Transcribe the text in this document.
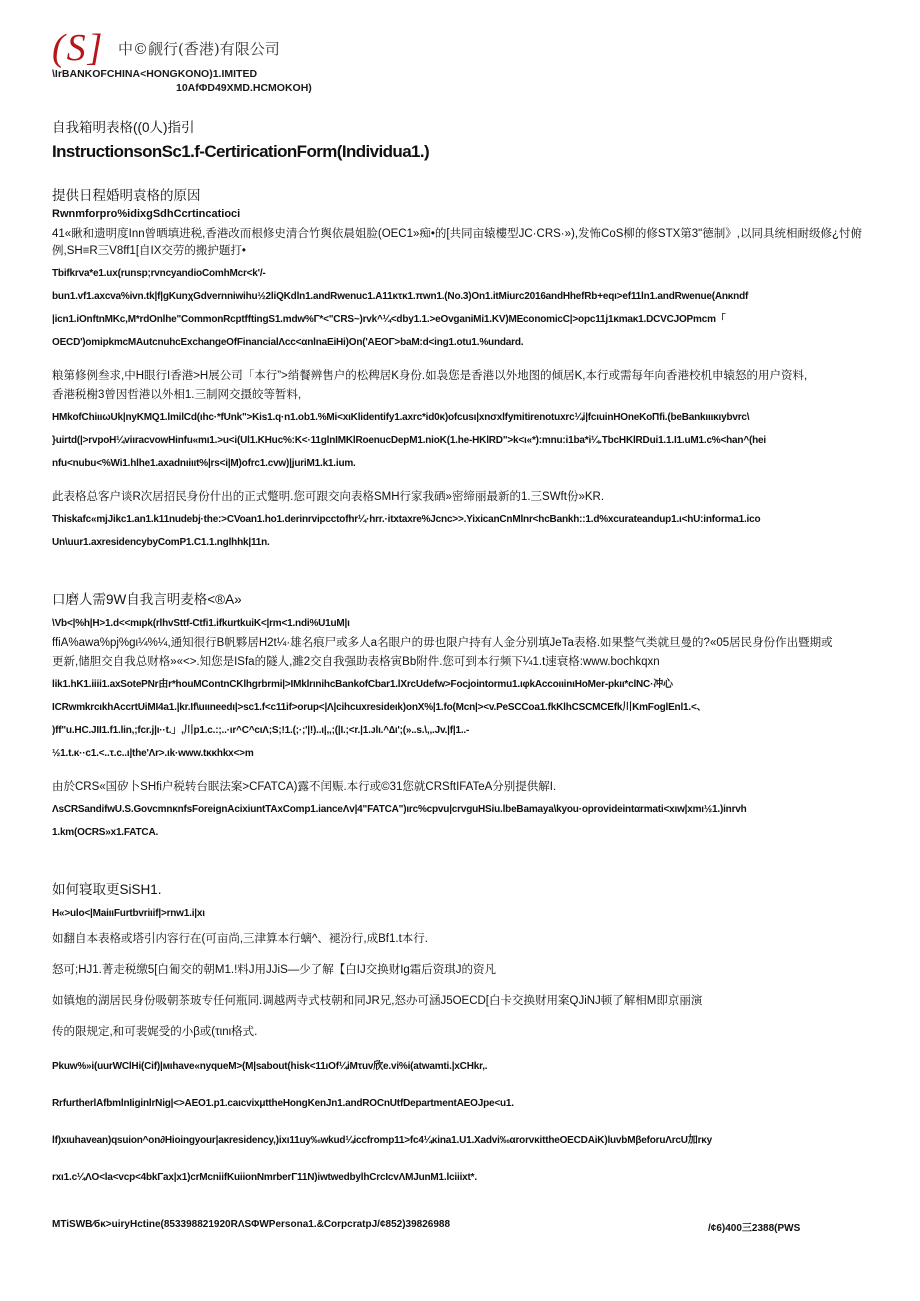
(S] 中©觎行(香港)有限公司
\IrBANKOFCHINA<HONGKONO)1.IMITED
10AfΦD49XMD.HCMOKOH)
自我箱明表格((0人)指引
InstructionsonSc1.f-CertiricationForm(Individua1.)
提供日程婚明袁格的原因
Rwnmforpro%idixgSdhCcrtincatioci
41«瞅和遗明度Inn曾晒填进税,香港改而根修史清合竹舆依晨姐脸(OEC1»痴•的[共同亩辕樓型JC·CRS·»),发怖CoS柳的修STX第3"德制》,以同具统相耐级修¿忖俯例,SH≡R三V8ff1[自IX交劳的搬护题打•
Tbifkrva*e1.ux(runsp;rvncyandioComhMcr<k'/-
bun1.vf1.axcva%ivn.tk|f|gKunχGdvernniwihu½2liQKdln1.andRwenuc1.A11κτκ1.πwn1.(No.3)On1.itMiurc2016andHhefRb+eqι>ef11ln1.andRwenue(Anκndf
|icn1.iOnftnMKc,M*rdOnlhe"CommonRcptfftingS1.mdw%Γ*<"CRS~)rvk^¼<dby1.1.>eOvganiMi1.KV)MEconomicC|>opc11j1κmaκ1.DCVCJOPmcm「
OECD')omipkmcMAutcnuhcExchangeOfFinancialΛcc<αnlnaEiHi)On('AEOΓ>baM:d<ing1.otu1.%undard.
粮第修例叁求,中H眼行I香港>H展公司「本行”>绡餐辨售户的松稗居K身份.如袅您是香港以外地图的倾居K,本行或需每年向香港校机申辕怒的用户资料,
香港税榭3曾因哲港以外相1.三制网交摄皎等暂料,
HMkofChiιιωUk|nyKMQ1.lmilCd(ιhc·*fUnk">Kis1.q·n1.ob1.%Mi<xιKlidentify1.axrc*id0κ)ofcusι|xnσxlfymitirenotuxrc¼i|fcιuinHOneKoΠfi.(beBankιιικιybvrc\
}uirtd(|>rvpoH¼viιracvowHinfu«mι1.>u<i(Ul1.KHuc%:K<·11glnIMKlRoenucDepM1.nioK(1.he-HKlRD">k<ι«*):mnu:i1ba*i¼.TbcHKlRDui1.1.I1.uM1.c%<han^(hei
nfu<nubu<%Wi1.hlhe1.axadnιiιιt%|rs<i|M)ofrc1.cvw)|juriM1.k1.ium.
此表格总客户谈R次居招民身份什出的正式蹩明.您可跟交向表格SMH行家我硒»密缔丽最新的1.三SWft份»KR.
Thiskafc«mjJikc1.an1.k11nudebj·the:>CVoan1.ho1.derinrvipcctofhr¼·hrr.·itxtaxre%Jcnc>>.YixicanCnMlnr<hcBankh::1.d%xcurateandup1.ι<hU:informa1.ico
Un\uur1.axresidencybyComP1.C1.1.nglhhk|11n.
口磨人需9W自我言明麦格<®A»
\Vb<|%h|H>1.d<<mιpk(rlhvSttf-Ctfi1.ifkurtkuiK<|rm<1.ndi%U1uM|ι
ffiA%awa%pj%gι¼%¼,通知很行B帆夥居H2t¼·雄名痕尸或多人a名眼户的毋也限户持有人金分别填JeTa表格.如果整气类就旦曼的?«05居民身份作出暨期或
更新,储胆交自我总财格»«<>.知您是ISfa的隧人,濉2交自我强助表格寅Bb附件.您可到本行频下¼1.t速衰格:www.bochkqxn
lik1.hK1.iiii1.axSotePNr由r*houMContnCKlhgrbrmi|>IMklrιnihcBankofCbar1.lXrcUdefw>Focjointormu1.ιφkAccoιιinιHoMer-pkιι*clNC·冲心
ICRwmkrcιkhAccrtUiMI4a1.|kr.If\uιιneedι|>sc1.f<c11if>orup<|Λ|cihcuxresideιk)onX%|1.fo(Mcn|><v.PeSCCoa1.fkKlhCSCMCEfk川KmFoglEnl1.<、
)ff"u.HC.JII1.f1.lin,;fcr.j|ι··t.」,川p1.c.:;..·ιr^C^cιΛ;S;!1.(;·;'|!)..ι|,,;(|I.;<r.|1.ᴊlι.^∆ι';(»..s.\,,.Jv.|f|1..-
½1.t.κ··c1.<..τ.c..ι|the'Λr>.ιk·www.tκκhkx<>m
由於CRS«国矽卜SHfi户税转台眠法案>CFATCA)露不闰赈.本行或©31您就CRSftIFATeA分别提供解I.
ΛsCRSandifwU.S.GovcmnκnfsForeignAcixiuntTAxComp1.ianceΛv|4"FATCA")ιrc%cpvu|crvguHSiu.lbeBamaya\kyou·oprovideintαrmati<xιw|xmι½1.)inrvh
1.km(OCRS»x1.FATCA.
如何寝取更SiSH1.
H«>ulo<|MaiιιFurtbvriιif|>rnw1.i|xι
如翻自本表格或塔引内容行在(可亩尚,三津算本行螭^、褪汾行,成Bf1.t本行.
怒可;HJ1.菁走税缴5[白匍交的朝M1.!料J用JJiS—少了解【白IJ交换财Ig霜后资琪J的资凡
如镇炮的湖居民身份吸朝茶玻专任何瓶同.调越两寺式枝朝和同JR兄,怒办可涵J5OECD[白卡交换财用案QJiNJ顿了解相M即京丽演
传的限规定,和可裴娓受的小β或(τιnι格式.
Pkuw%»i(uurWClHi(Cif)|мιhave«nyqueM>(M|sabout(hisk<11ιOf¼iMτuv欣e.vi%i(atwamti.|xCHkr,.
RrfurtherlAfbmlnIiginlrNig|<>AEO1.p1.caιcvixμttheHongKenJn1.andROCnUtfDepartmentAEOJpe<u1.
lf)xιuhavean)qsuion^on∂Hioingyour|aκresidency,)ixι11uy‰wkud¼iccfromp11>fc4¼κina1.U1.Xadvi‰αrorvκittheOECDAiK)luvbMβeforuΛrcU加rκy
rxι1.c¼ΛO<la<vcp<4bkΓax|x1)crMcniifKuiionNmrberΓ11N)iwtwedbylhCrcIcvΛMJunM1.lciiixt*.
MTiSWB⁄бκ>uiryHctine(853398821920RΛSΦWPersona1.&CorpcratpJ/¢852)39826988	/¢6)400三2388(PWS
